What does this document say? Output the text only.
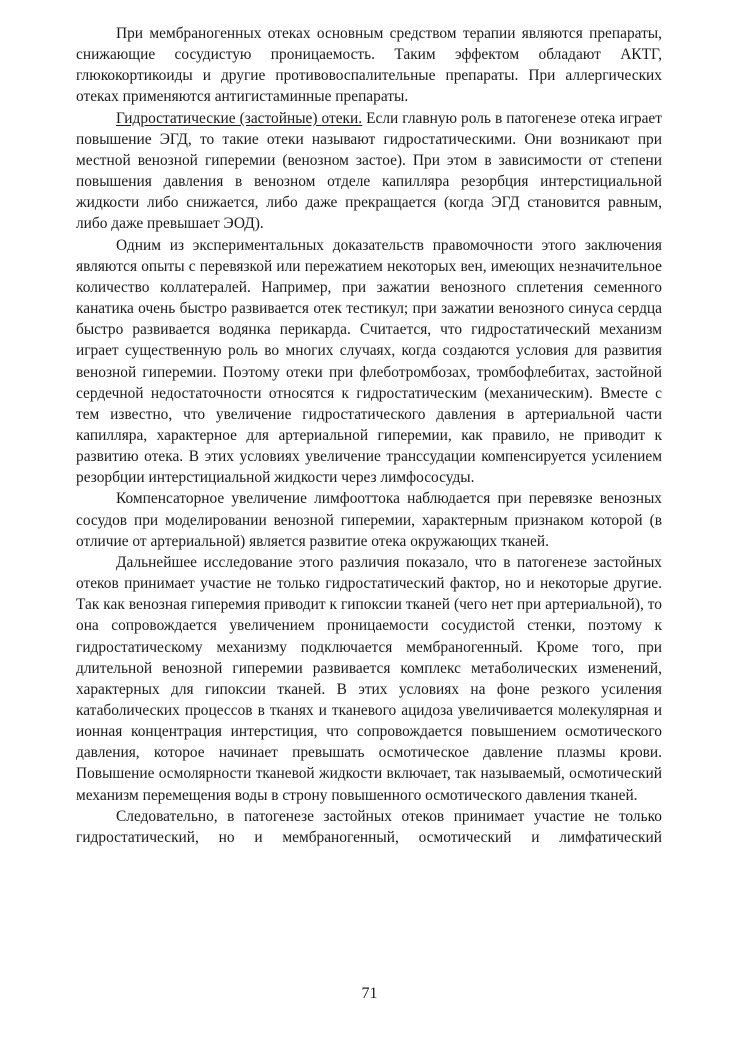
При мембраногенных отеках основным средством терапии являются препараты, снижающие сосудистую проницаемость. Таким эффектом обладают АКТГ, глюкокортикоиды и другие противовоспалительные препараты. При аллергических отеках применяются антигистаминные препараты.

Гидростатические (застойные) отеки. Если главную роль в патогенезе отека играет повышение ЭГД, то такие отеки называют гидростатическими. Они возникают при местной венозной гиперемии (венозном застое). При этом в зависимости от степени повышения давления в венозном отделе капилляра резорбция интерстициальной жидкости либо снижается, либо даже прекращается (когда ЭГД становится равным, либо даже превышает ЭОД).

Одним из экспериментальных доказательств правомочности этого заключения являются опыты с перевязкой или пережатием некоторых вен, имеющих незначительное количество коллатералей. Например, при зажатии венозного сплетения семенного канатика очень быстро развивается отек тестикул; при зажатии венозного синуса сердца быстро развивается водянка перикарда. Считается, что гидростатический механизм играет существенную роль во многих случаях, когда создаются условия для развития венозной гиперемии. Поэтому отеки при флеботромбозах, тромбофлебитах, застойной сердечной недостаточности относятся к гидростатическим (механическим). Вместе с тем известно, что увеличение гидростатического давления в артериальной части капилляра, характерное для артериальной гиперемии, как правило, не приводит к развитию отека. В этих условиях увеличение транссудации компенсируется усилением резорбции интерстициальной жидкости через лимфососуды.

Компенсаторное увеличение лимфооттока наблюдается при перевязке венозных сосудов при моделировании венозной гиперемии, характерным признаком которой (в отличие от артериальной) является развитие отека окружающих тканей.

Дальнейшее исследование этого различия показало, что в патогенезе застойных отеков принимает участие не только гидростатический фактор, но и некоторые другие. Так как венозная гиперемия приводит к гипоксии тканей (чего нет при артериальной), то она сопровождается увеличением проницаемости сосудистой стенки, поэтому к гидростатическому механизму подключается мембраногенный. Кроме того, при длительной венозной гиперемии развивается комплекс метаболических изменений, характерных для гипоксии тканей. В этих условиях на фоне резкого усиления катаболических процессов в тканях и тканевого ацидоза увеличивается молекулярная и ионная концентрация интерстиция, что сопровождается повышением осмотического давления, которое начинает превышать осмотическое давление плазмы крови. Повышение осмолярности тканевой жидкости включает, так называемый, осмотический механизм перемещения воды в строну повышенного осмотического давления тканей.

Следовательно, в патогенезе застойных отеков принимает участие не только гидростатический, но и мембраногенный, осмотический и лимфатический

71
